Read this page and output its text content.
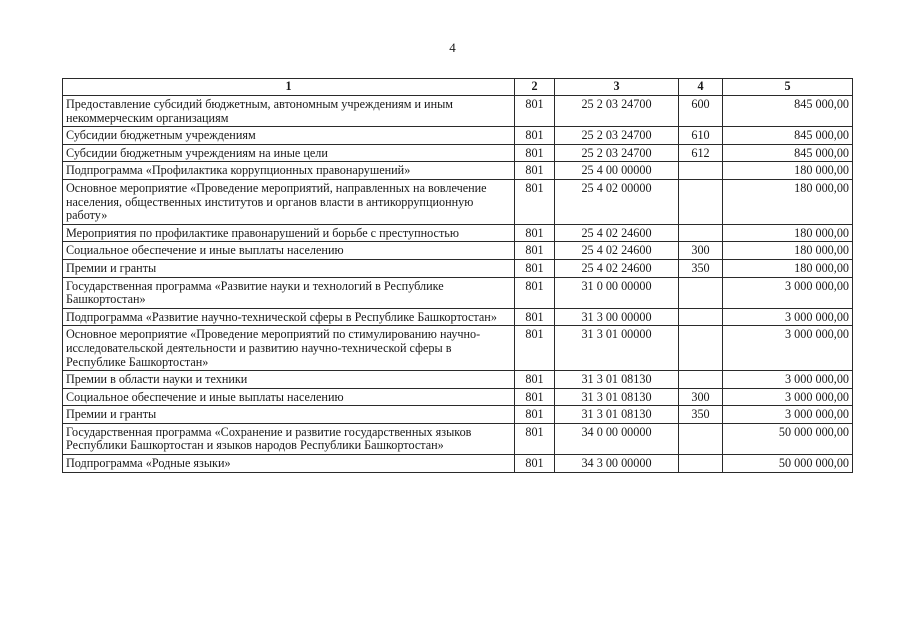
4
1	2	3	4	5
Предоставление субсидий бюджетным, автономным учреждениям и иным некоммерческим организациям	801	25 2 03 24700	600	845 000,00
Субсидии бюджетным учреждениям	801	25 2 03 24700	610	845 000,00
Субсидии бюджетным учреждениям на иные цели	801	25 2 03 24700	612	845 000,00
Подпрограмма «Профилактика коррупционных правонарушений»	801	25 4 00 00000		180 000,00
Основное мероприятие «Проведение мероприятий, направленных на вовлечение населения, общественных институтов и органов власти в антикоррупционную работу»	801	25 4 02 00000		180 000,00
Мероприятия по профилактике правонарушений и борьбе с преступностью	801	25 4 02 24600		180 000,00
Социальное обеспечение и иные выплаты населению	801	25 4 02 24600	300	180 000,00
Премии и гранты	801	25 4 02 24600	350	180 000,00
Государственная программа «Развитие науки и технологий в Республике Башкортостан»	801	31 0 00 00000		3 000 000,00
Подпрограмма «Развитие научно-технической сферы в Республике Башкортостан»	801	31 3 00 00000		3 000 000,00
Основное мероприятие «Проведение мероприятий по стимулированию научно-исследовательской деятельности и развитию научно-технической сферы в Республике Башкортостан»	801	31 3 01 00000		3 000 000,00
Премии в области науки и техники	801	31 3 01 08130		3 000 000,00
Социальное обеспечение и иные выплаты населению	801	31 3 01 08130	300	3 000 000,00
Премии и гранты	801	31 3 01 08130	350	3 000 000,00
Государственная программа «Сохранение и развитие государственных языков Республики Башкортостан и языков народов Республики Башкортостан»	801	34 0 00 00000		50 000 000,00
Подпрограмма «Родные языки»	801	34 3 00 00000		50 000 000,00
